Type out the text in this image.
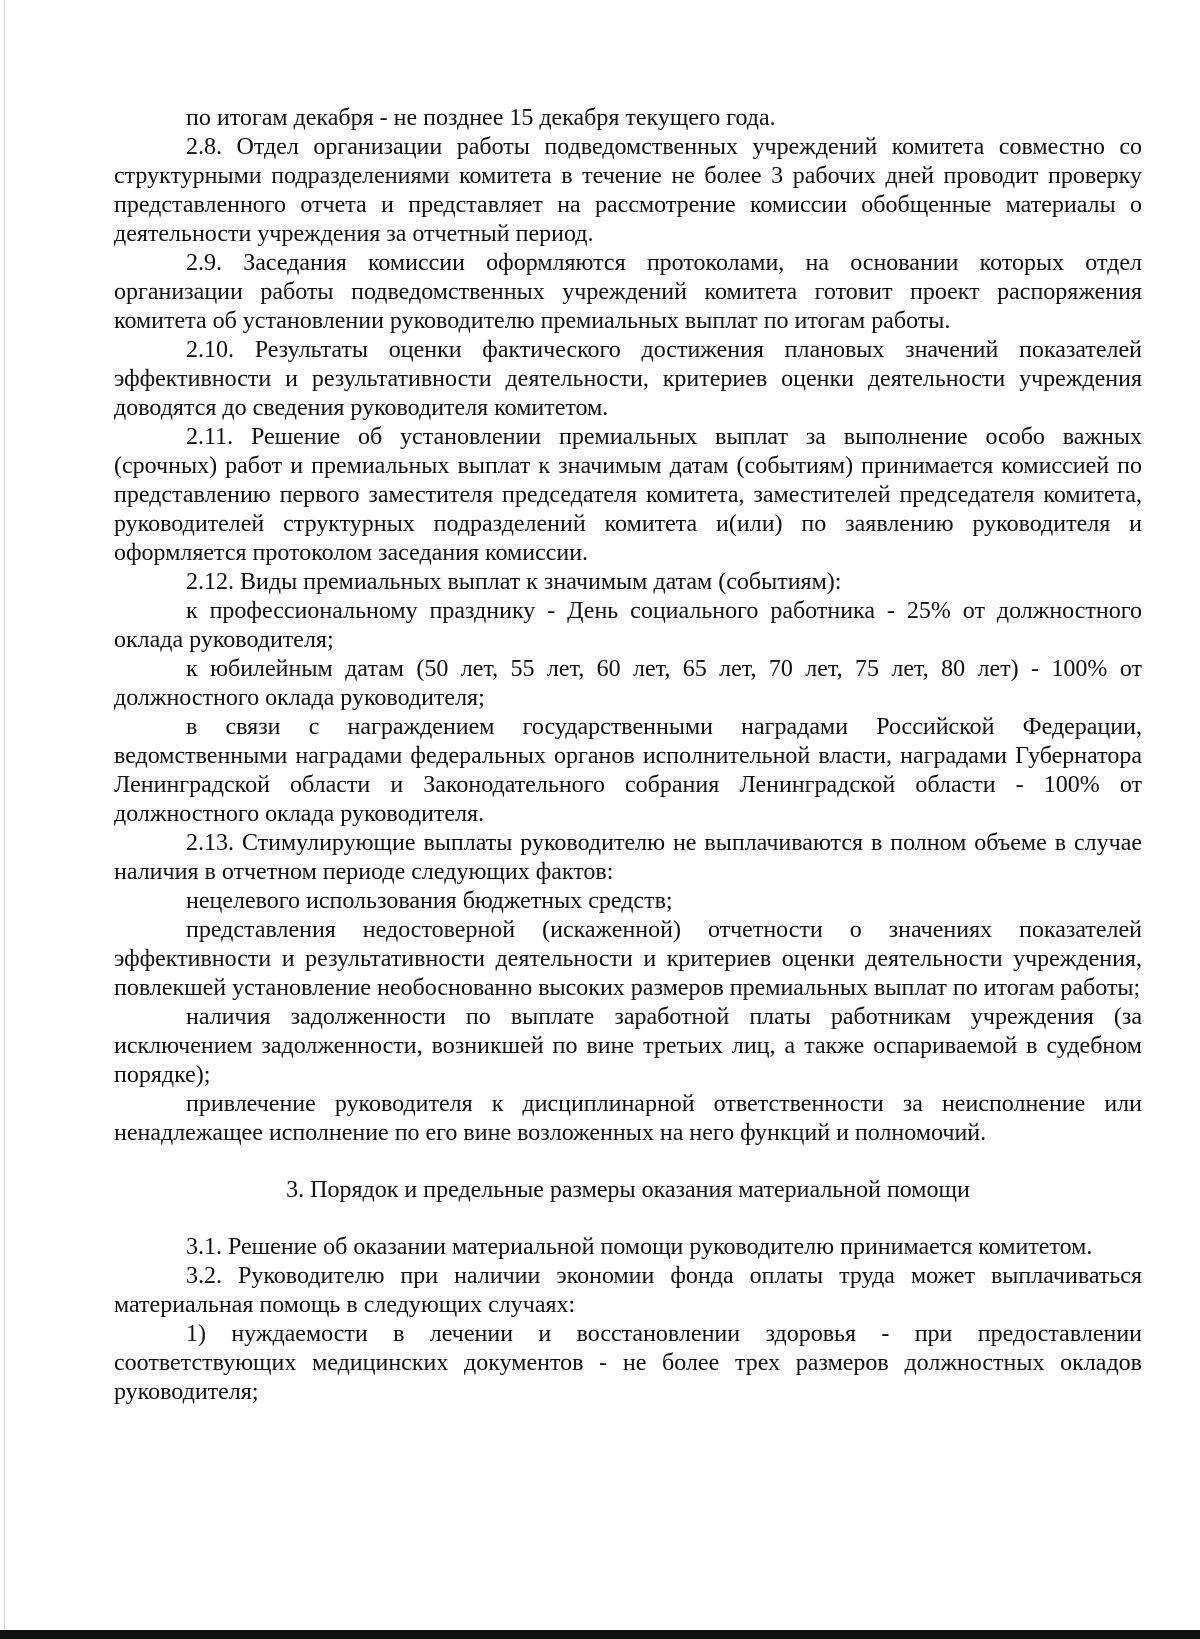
по итогам декабря - не позднее 15 декабря текущего года.

2.8. Отдел организации работы подведомственных учреждений комитета совместно со структурными подразделениями комитета в течение не более 3 рабочих дней проводит проверку представленного отчета и представляет на рассмотрение комиссии обобщенные материалы о деятельности учреждения за отчетный период.

2.9. Заседания комиссии оформляются протоколами, на основании которых отдел организации работы подведомственных учреждений комитета готовит проект распоряжения комитета об установлении руководителю премиальных выплат по итогам работы.

2.10. Результаты оценки фактического достижения плановых значений показателей эффективности и результативности деятельности, критериев оценки деятельности учреждения доводятся до сведения руководителя комитетом.

2.11. Решение об установлении премиальных выплат за выполнение особо важных (срочных) работ и премиальных выплат к значимым датам (событиям) принимается комиссией по представлению первого заместителя председателя комитета, заместителей председателя комитета, руководителей структурных подразделений комитета и(или) по заявлению руководителя и оформляется протоколом заседания комиссии.

2.12. Виды премиальных выплат к значимым датам (событиям):

к профессиональному празднику - День социального работника - 25% от должностного оклада руководителя;

к юбилейным датам (50 лет, 55 лет, 60 лет, 65 лет, 70 лет, 75 лет, 80 лет) - 100% от должностного оклада руководителя;

в связи с награждением государственными наградами Российской Федерации, ведомственными наградами федеральных органов исполнительной власти, наградами Губернатора Ленинградской области и Законодательного собрания Ленинградской области - 100% от должностного оклада руководителя.

2.13. Стимулирующие выплаты руководителю не выплачиваются в полном объеме в случае наличия в отчетном периоде следующих фактов:

нецелевого использования бюджетных средств;

представления недостоверной (искаженной) отчетности о значениях показателей эффективности и результативности деятельности и критериев оценки деятельности учреждения, повлекшей установление необоснованно высоких размеров премиальных выплат по итогам работы;

наличия задолженности по выплате заработной платы работникам учреждения (за исключением задолженности, возникшей по вине третьих лиц, а также оспариваемой в судебном порядке);

привлечение руководителя к дисциплинарной ответственности за неисполнение или ненадлежащее исполнение по его вине возложенных на него функций и полномочий.

3. Порядок и предельные размеры оказания материальной помощи

3.1. Решение об оказании материальной помощи руководителю принимается комитетом.

3.2. Руководителю при наличии экономии фонда оплаты труда может выплачиваться материальная помощь в следующих случаях:

1) нуждаемости в лечении и восстановлении здоровья - при предоставлении соответствующих медицинских документов - не более трех размеров должностных окладов руководителя;
